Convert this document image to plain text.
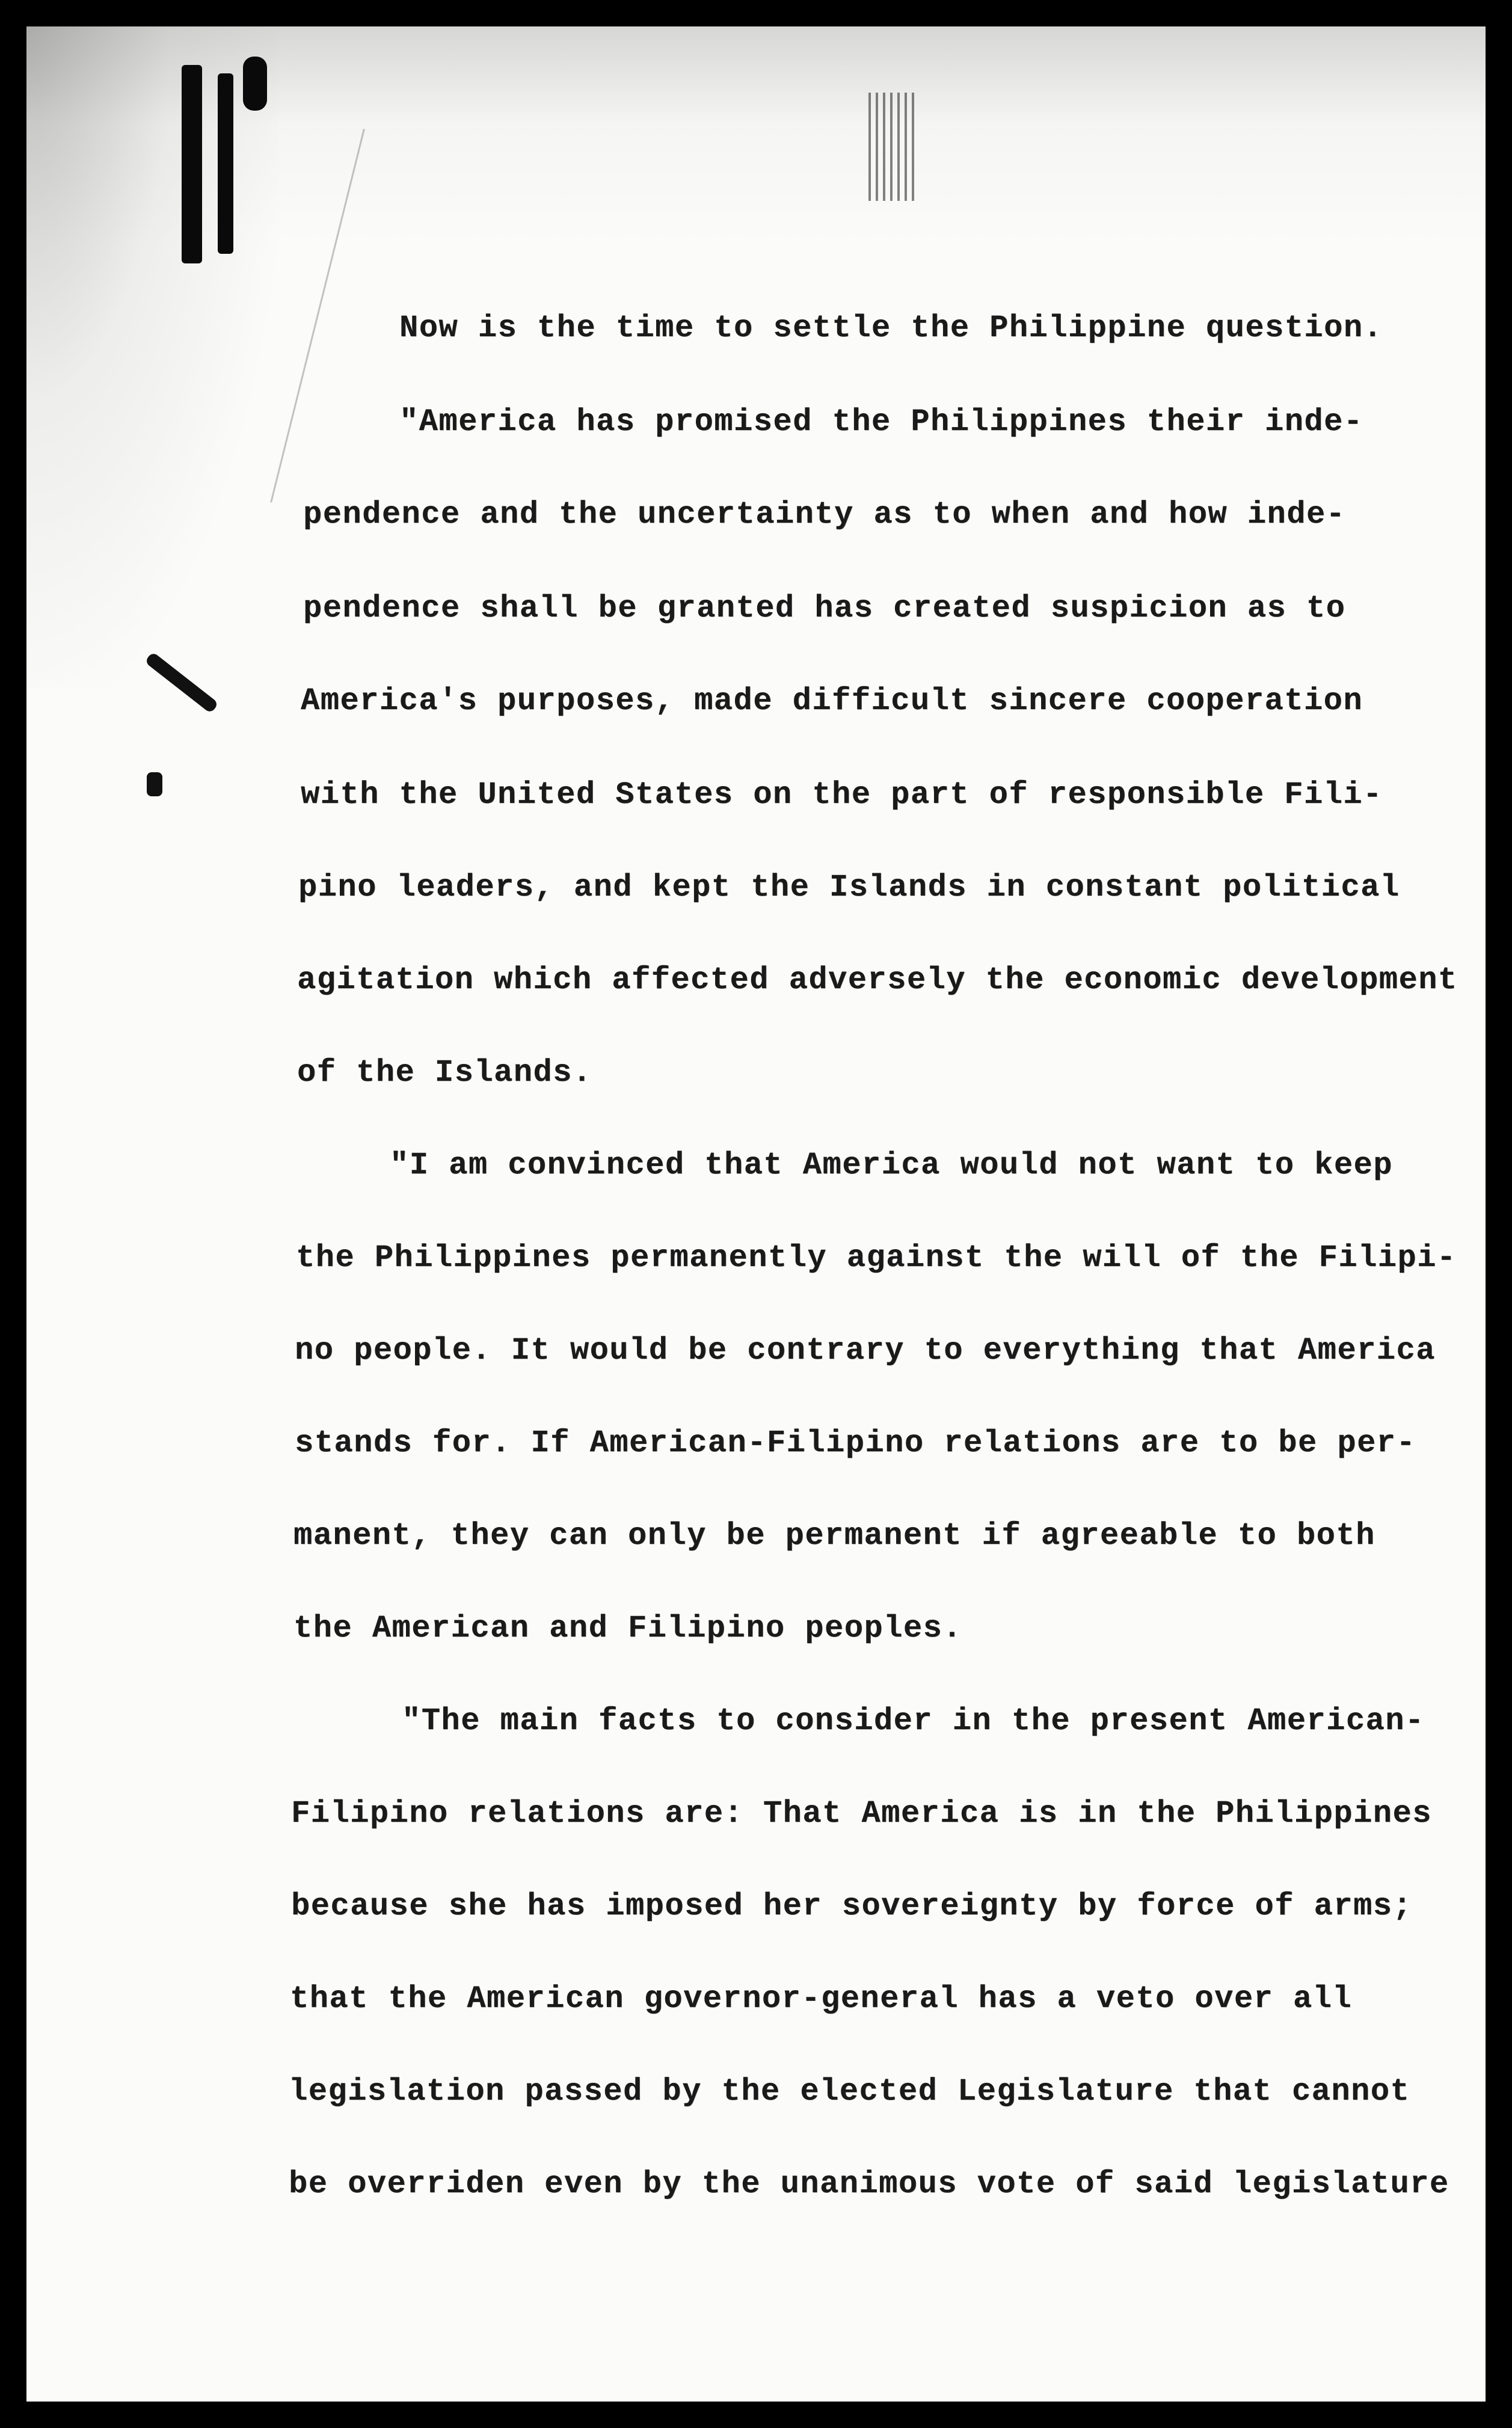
Now is the time to settle the Philippine question.

"America has promised the Philippines their inde-

pendence and the uncertainty as to when and how inde-

pendence shall be granted has created suspicion as to

America's purposes, made difficult sincere cooperation

with the United States on the part of responsible Fili-

pino leaders, and kept the Islands in constant political

agitation which affected adversely the economic development

of the Islands.

"I am convinced that America would not want to keep

the Philippines permanently against the will of the Filipi-

no people. It would be contrary to everything that America

stands for. If American-Filipino relations are to be per-

manent, they can only be permanent if agreeable to both

the American and Filipino peoples.

"The main facts to consider in the present American-

Filipino relations are: That America is in the Philippines

because she has imposed her sovereignty by force of arms;

that the American governor-general has a veto over all

legislation passed by the elected Legislature that cannot

be overriden even by the unanimous vote of said legislature
